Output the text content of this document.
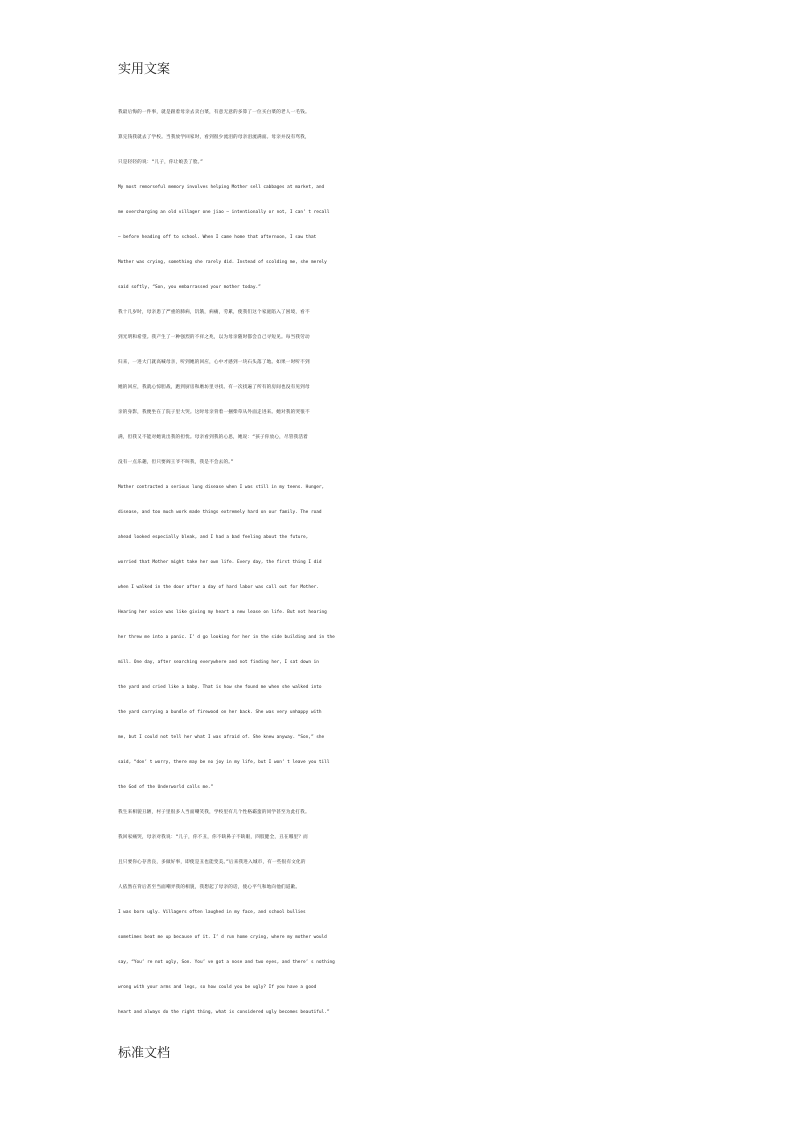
实用文案
我最后悔的一件事，就是跟着母亲去卖白菜，有意无意的多算了一位买白菜的老人一毛钱。
算完钱我就去了学校。当我放学回家时，看到很少流泪的母亲泪流满面。母亲并没有骂我，
只是轻轻的说：“儿子，你让娘丢了脸。”
My most remorseful memory involves helping Mother sell cabbages at market, and
me overcharging an old villager one jiao – intentionally or not, I can’ t recall
– before heading off to school. When I came home that afternoon, I saw that
Mother was crying, something she rarely did. Instead of scolding me, she merely
said softly, “Son, you embarrassed your mother today.”
我十几岁时，母亲患了严重的肺病，饥饿，病痛，劳累，使我们这个家庭陷入了困境，看不
到光明和希望。我产生了一种强烈的不祥之兆，以为母亲随时都会自己寻短见。每当我劳动
归来，一进大门就高喊母亲，听到她的回应，心中才感到一块石头落了地。如果一时听不到
她的回应，我就心惊胆战，跑到厨房和磨坊里寻找。有一次找遍了所有的房间也没有见到母
亲的身影，我便坐在了院子里大哭。这时母亲背着一捆柴草从外面走进来。她对我的哭很不
满，但我又不能对她说出我的担忧。母亲看到我的心思，她说：“孩子你放心，尽管我活着
没有一点乐趣，但只要阎王爷不叫我，我是不会去的。”
Mother contracted a serious lung disease when I was still in my teens. Hunger,
disease, and too much work made things extremely hard on our family. The road
ahead looked especially bleak, and I had a bad feeling about the future,
worried that Mother might take her own life. Every day, the first thing I did
when I walked in the door after a day of hard labor was call out for Mother.
Hearing her voice was like giving my heart a new lease on life. But not hearing
her threw me into a panic. I’ d go looking for her in the side building and in the
mill. One day, after searching everywhere and not finding her, I sat down in
the yard and cried like a baby. That is how she found me when she walked into
the yard carrying a bundle of firewood on her back. She was very unhappy with
me, but I could not tell her what I was afraid of. She knew anyway. “Son,” she
said, “don’ t worry, there may be no joy in my life, but I won’ t leave you till
the God of the Underworld calls me.”
我生来相貌丑陋，村子里很多人当面嘲笑我，学校里有几个性格霸蛮的同学甚至为此打我。
我回家痛哭，母亲对我说：“儿子，你不丑，你不缺鼻子不缺眼，四肢健全，丑在哪里？而
且只要你心存善良，多做好事，即使是丑也能变美。”后来我进入城市，有一些很有文化的
人依然在背后甚至当面嘲弄我的相貌，我想起了母亲的话，使心平气和地向他们道歉。
I was born ugly. Villagers often laughed in my face, and school bullies
sometimes beat me up because of it. I’ d run home crying, where my mother would
say, “You’ re not ugly, Son. You’ ve got a nose and two eyes, and there’ s nothing
wrong with your arms and legs, so how could you be ugly? If you have a good
heart and always do the right thing, what is considered ugly becomes beautiful.”
标准文档
